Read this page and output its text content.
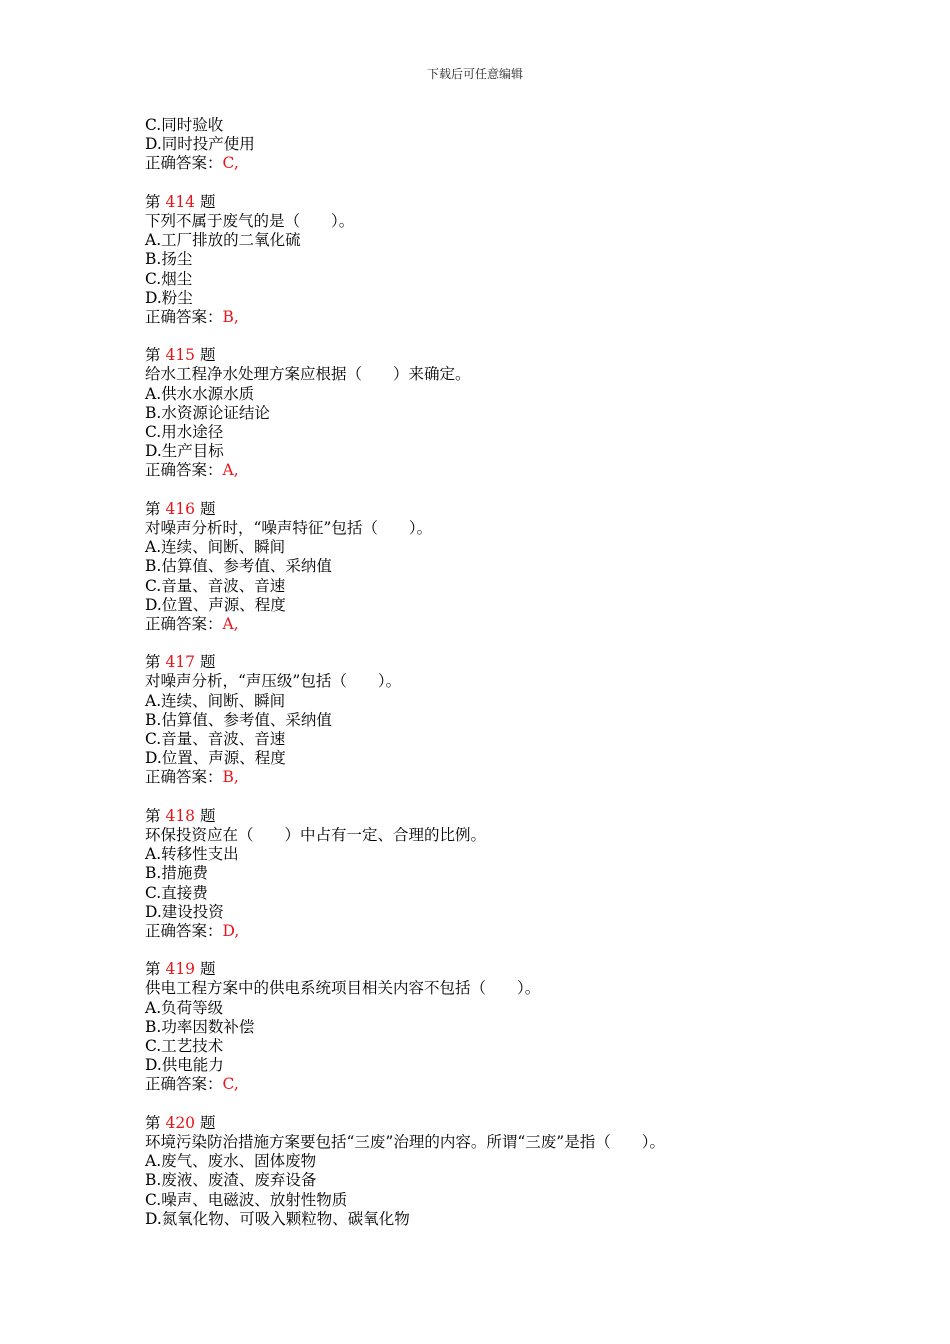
下载后可任意编辑
C.同时验收
D.同时投产使用
正确答案：C,
第 414 题
下列不属于废气的是（　　）。
A.工厂排放的二氧化硫
B.扬尘
C.烟尘
D.粉尘
正确答案：B,
第 415 题
给水工程净水处理方案应根据（　　）来确定。
A.供水水源水质
B.水资源论证结论
C.用水途径
D.生产目标
正确答案：A,
第 416 题
对噪声分析时，“噪声特征”包括（　　）。
A.连续、间断、瞬间
B.估算值、参考值、采纳值
C.音量、音波、音速
D.位置、声源、程度
正确答案：A,
第 417 题
对噪声分析，“声压级”包括（　　）。
A.连续、间断、瞬间
B.估算值、参考值、采纳值
C.音量、音波、音速
D.位置、声源、程度
正确答案：B,
第 418 题
环保投资应在（　　）中占有一定、合理的比例。
A.转移性支出
B.措施费
C.直接费
D.建设投资
正确答案：D,
第 419 题
供电工程方案中的供电系统项目相关内容不包括（　　）。
A.负荷等级
B.功率因数补偿
C.工艺技术
D.供电能力
正确答案：C,
第 420 题
环境污染防治措施方案要包括“三废”治理的内容。所谓“三废”是指（　　）。
A.废气、废水、固体废物
B.废液、废渣、废弃设备
C.噪声、电磁波、放射性物质
D.氮氧化物、可吸入颗粒物、碳氧化物
